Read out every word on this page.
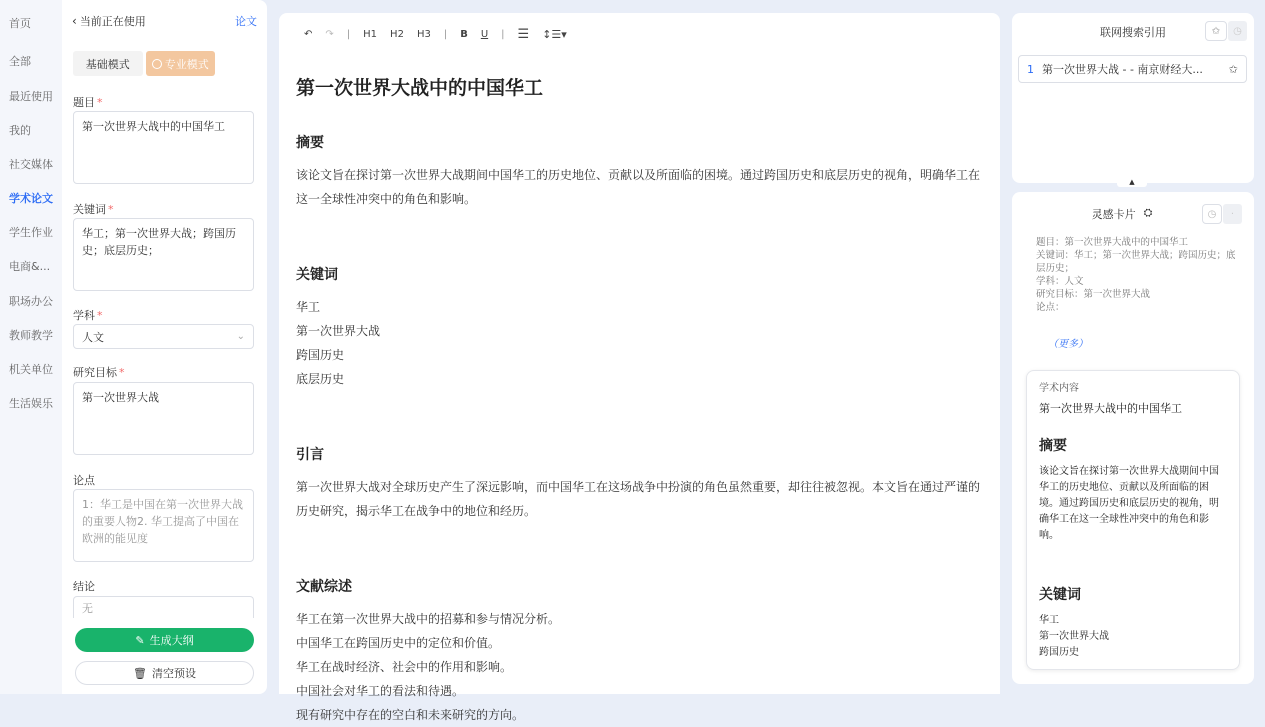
首页
全部
最近使用
我的
社交媒体
学术论文
学生作业
电商&...
职场办公
教师教学
机关单位
生活娱乐
‹ 当前正在使用	论文
基础模式	专业模式
题目 *
第一次世界大战中的中国华工
关键词 *
华工；第一次世界大战；跨国历史；底层历史；
学科 *
人文	⌄
研究目标 *
第一次世界大战
论点
1：华工是中国在第一次世界大战的重要人物2. 华工提高了中国在欧洲的能见度
结论
无
✎ 生成大纲
🗑 清空预设
↶ ↷ | H1 H2 H3 | B U | ☰ ↕☰▾
第一次世界大战中的中国华工
摘要

该论文旨在探讨第一次世界大战期间中国华工的历史地位、贡献以及所面临的困境。通过跨国历史和底层历史的视角，明确华工在这一全球性冲突中的角色和影响。

关键词

华工

第一次世界大战

跨国历史

底层历史

引言

第一次世界大战对全球历史产生了深远影响，而中国华工在这场战争中扮演的角色虽然重要，却往往被忽视。本文旨在通过严谨的历史研究，揭示华工在战争中的地位和经历。

文献综述

华工在第一次世界大战中的招募和参与情况分析。

中国华工在跨国历史中的定位和价值。

华工在战时经济、社会中的作用和影响。

中国社会对华工的看法和待遇。

现有研究中存在的空白和未来研究的方向。

联网搜索引用	✩	◷
1 第一次世界大战 - - 南京财经大...	✩
▲
灵感卡片 ⛭	◷	·
题目：第一次世界大战中的中国华工
关键词：华工；第一次世界大战；跨国历史；底层历史；
学科：人文
研究目标：第一次世界大战
论点：
（更多）
学术内容
第一次世界大战中的中国华工
摘要

该论文旨在探讨第一次世界大战期间中国华工的历史地位、贡献以及所面临的困境。通过跨国历史和底层历史的视角，明确华工在这一全球性冲突中的角色和影响。

关键词
华工
第一次世界大战
跨国历史
